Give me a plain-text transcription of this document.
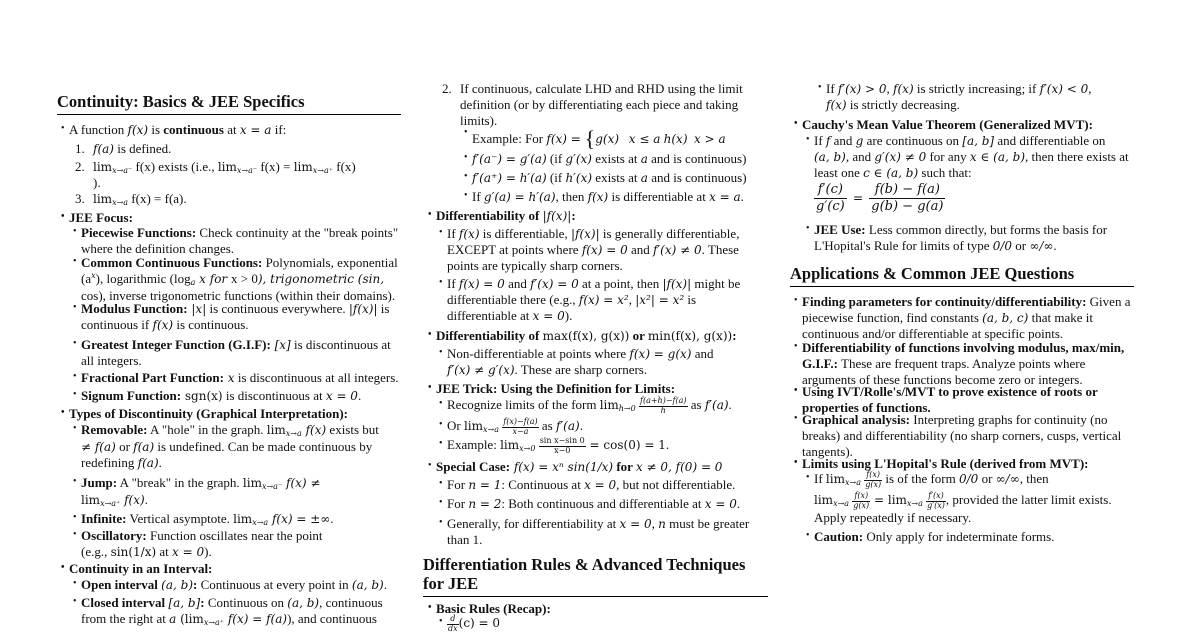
Continuity: Basics & JEE Specifics
• A function f(x) is continuous at x = a if:
1. f(a) is defined.
2. $\lim_{x\to a^-} f(x)$ exists (i.e., $\lim_{x\to a^-} f(x) = \lim_{x\to a^+} f(x)$
).
3. $\lim_{x\to a} f(x) = f(a)$.
• JEE Focus:
• Piecewise Functions: Check continuity at the "break points"
where the definition changes.
• Common Continuous Functions: Polynomials, exponential
$(a^x)$, logarithmic ($\log_a$ x for x > 0), trigonometric (sin,
cos), inverse trigonometric functions (within their domains).
• Modulus Function: |x| is continuous everywhere. |f(x)| is
continuous if f(x) is continuous.
• Greatest Integer Function (G.I.F): [x] is discontinuous at
all integers.
• Fractional Part Function: x is discontinuous at all integers.
• Signum Function: sgn(x) is discontinuous at x = 0.
• Types of Discontinuity (Graphical Interpretation):
• Removable: A "hole" in the graph. $\lim_{x\to a} f(x)$ exists but
≠ f(a) or f(a) is undefined. Can be made continuous by
redefining f(a).
• Jump: A "break" in the graph. $\lim_{x\to a^-} f(x)$ ≠
$\lim_{x\to a^+} f(x)$.
• Infinite: Vertical asymptote. $\lim_{x\to a} f(x)$ = ±∞.
• Oscillatory: Function oscillates near the point
(e.g., sin(1/x) at x = 0).
• Continuity in an Interval:
• Open interval (a, b): Continuous at every point in (a, b).
• Closed interval [a, b]: Continuous on (a, b), continuous
from the right at a ($\lim_{x\to a^+}$ f(x) = f(a)), and continuous
2. If continuous, calculate LHD and RHD using the limit
definition (or by differentiating each piece and taking
limits).
• Example: For f(x) = {g(x) x ≤ a h(x) x > a
• f′(a⁻) = g′(a) (if g′(x) exists at a and is continuous)
• f′(a⁺) = h′(a) (if h′(x) exists at a and is continuous)
• If g′(a) = h′(a), then f(x) is differentiable at x = a.
• Differentiability of |f(x)|:
• If f(x) is differentiable, |f(x)| is generally differentiable,
EXCEPT at points where f(x) = 0 and f′(x) ≠ 0. These
points are typically sharp corners.
• If f(x) = 0 and f′(x) = 0 at a point, then |f(x)| might be
differentiable there (e.g., f(x) = x², |x²| = x² is
differentiable at x = 0).
• Differentiability of max(f(x), g(x)) or min(f(x), g(x)):
• Non-differentiable at points where f(x) = g(x) and
f′(x) ≠ g′(x). These are sharp corners.
• JEE Trick: Using the Definition for Limits:
• Recognize limits of the form $\lim_{h\to 0} \frac{f(a+h)-f(a)}{h}$ as f′(a).
• Or $\lim_{x\to a} \frac{f(x)-f(a)}{x-a}$ as f′(a).
• Example: $\lim_{x\to 0} \frac{\text{sin x−sin 0}}{x-0} = \cos(0) = 1$.
• Special Case: f(x) = xⁿ sin(1/x) for x ≠ 0, f(0) = 0
• For n = 1: Continuous at x = 0, but not differentiable.
• For n = 2: Both continuous and differentiable at x = 0.
• Generally, for differentiability at x = 0, n must be greater
than 1.
Differentiation Rules & Advanced Techniques for JEE
• Basic Rules (Recap):
• $\frac{d}{dx} (c) = 0$
• If f′(x) > 0, f(x) is strictly increasing; if f′(x) < 0,
f(x) is strictly decreasing.
• Cauchy's Mean Value Theorem (Generalized MVT):
• If f and g are continuous on [a, b] and differentiable on
(a, b), and g′(x) ≠ 0 for any x ∈ (a, b), then there exists at
least one c ∈ (a, b) such that:
$\frac{f'(c)}{g'(c)} = \frac{f(b) - f(a)}{g(b) - g(a)}$
• JEE Use: Less common directly, but forms the basis for
L'Hopital's Rule for limits of type 0/0 or ∞/∞.
Applications & Common JEE Questions
• Finding parameters for continuity/differentiability: Given a
piecewise function, find constants (a, b, c) that make it
continuous and/or differentiable at specific points.
• Differentiability of functions involving modulus, max/min,
G.I.F.: These are frequent traps. Analyze points where
arguments of these functions become zero or integers.
• Using IVT/Rolle's/MVT to prove existence of roots or
properties of functions.
• Graphical analysis: Interpreting graphs for continuity (no
breaks) and differentiability (no sharp corners, cusps, vertical
tangents).
• Limits using L'Hopital's Rule (derived from MVT):
• If $\lim_{x\to a} \frac{f(x)}{g(x)}$ is of the form 0/0 or ∞/∞, then
$\lim_{x\to a} \frac{f(x)}{g(x)} = \lim_{x\to a} \frac{f'(x)}{g'(x)}$ , provided the latter limit exists.
Apply repeatedly if necessary.
• Caution: Only apply for indeterminate forms.
